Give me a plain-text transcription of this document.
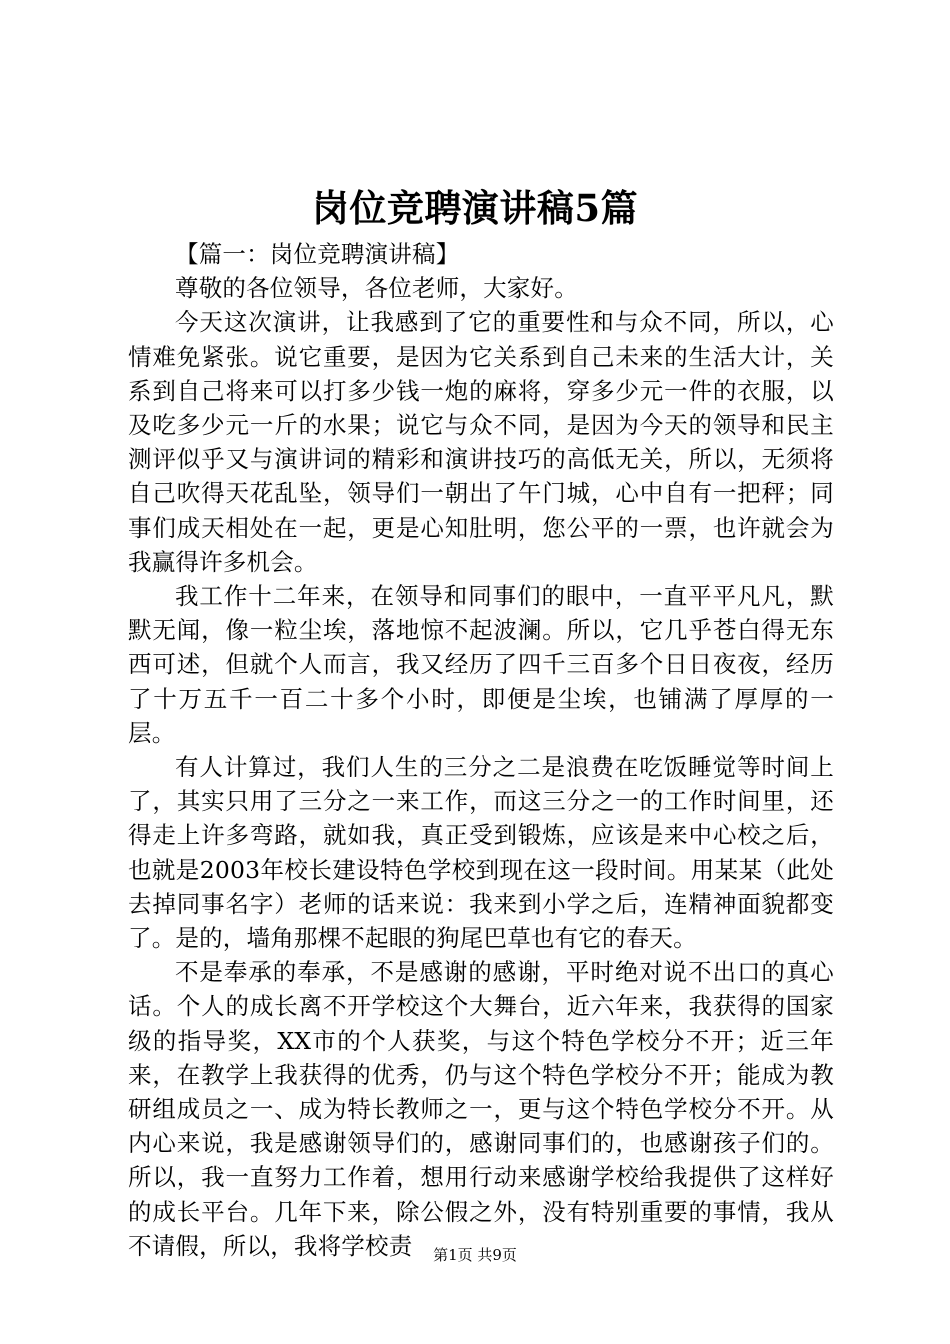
岗位竞聘演讲稿5篇

【篇一：岗位竞聘演讲稿】

尊敬的各位领导，各位老师，大家好。

今天这次演讲，让我感到了它的重要性和与众不同，所以，心情难免紧张。说它重要，是因为它关系到自己未来的生活大计，关系到自己将来可以打多少钱一炮的麻将，穿多少元一件的衣服，以及吃多少元一斤的水果；说它与众不同，是因为今天的领导和民主测评似乎又与演讲词的精彩和演讲技巧的高低无关，所以，无须将自己吹得天花乱坠，领导们一朝出了午门城，心中自有一把秤；同事们成天相处在一起，更是心知肚明，您公平的一票，也许就会为我赢得许多机会。

我工作十二年来，在领导和同事们的眼中，一直平平凡凡，默默无闻，像一粒尘埃，落地惊不起波澜。所以，它几乎苍白得无东西可述，但就个人而言，我又经历了四千三百多个日日夜夜，经历了十万五千一百二十多个小时，即便是尘埃，也铺满了厚厚的一层。

有人计算过，我们人生的三分之二是浪费在吃饭睡觉等时间上了，其实只用了三分之一来工作，而这三分之一的工作时间里，还得走上许多弯路，就如我，真正受到锻炼，应该是来中心校之后，也就是2003年校长建设特色学校到现在这一段时间。用某某（此处去掉同事名字）老师的话来说：我来到小学之后，连精神面貌都变了。是的，墙角那棵不起眼的狗尾巴草也有它的春天。

不是奉承的奉承，不是感谢的感谢，平时绝对说不出口的真心话。个人的成长离不开学校这个大舞台，近六年来，我获得的国家级的指导奖，XX市的个人获奖，与这个特色学校分不开；近三年来，在教学上我获得的优秀，仍与这个特色学校分不开；能成为教研组成员之一、成为特长教师之一，更与这个特色学校分不开。从内心来说，我是感谢领导们的，感谢同事们的，也感谢孩子们的。所以，我一直努力工作着，想用行动来感谢学校给我提供了这样好的成长平台。几年下来，除公假之外，没有特别重要的事情，我从不请假，所以，我将学校责	第1页 共9页
